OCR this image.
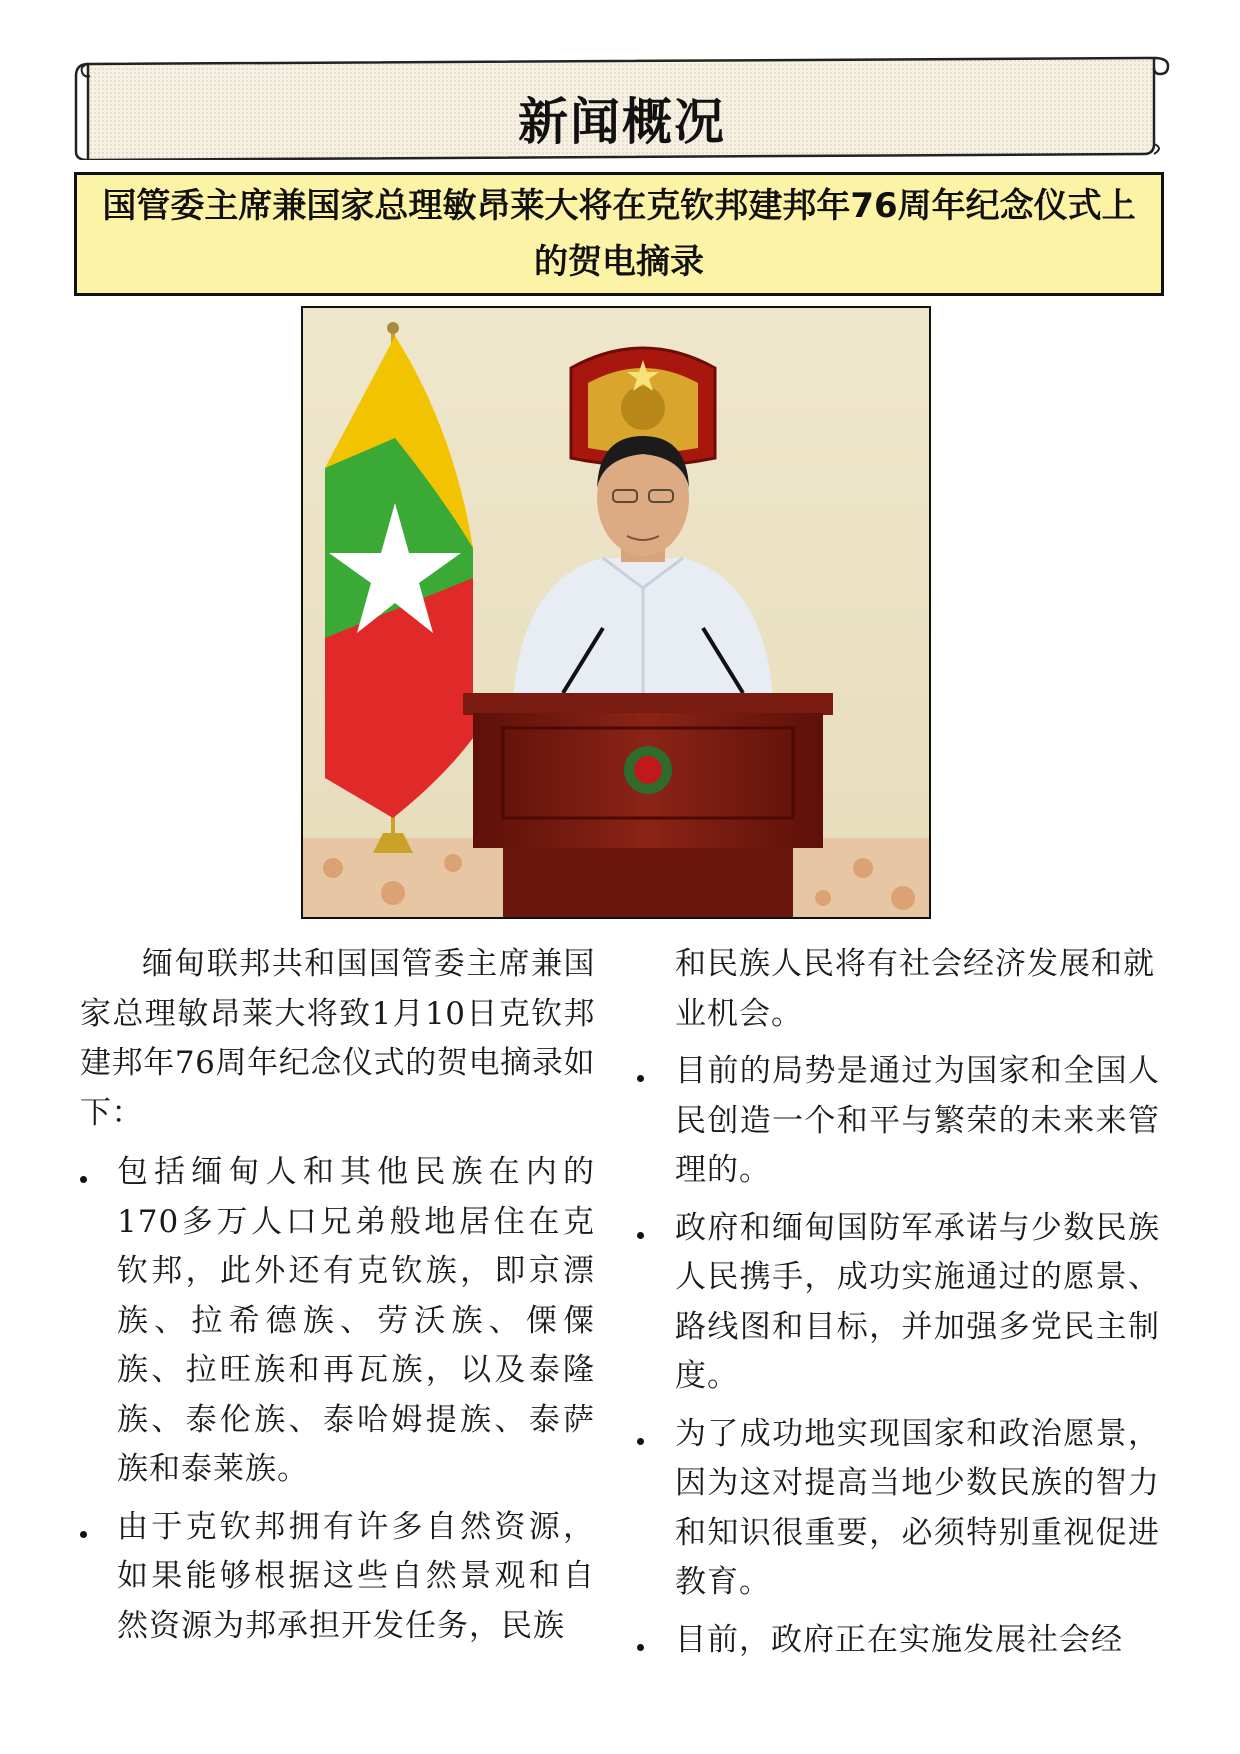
新闻概况
国管委主席兼国家总理敏昂莱大将在克钦邦建邦年76周年纪念仪式上的贺电摘录

缅甸联邦共和国国管委主席兼国家总理敏昂莱大将致1月10日克钦邦建邦年76周年纪念仪式的贺电摘录如下：

包括缅甸人和其他民族在内的170多万人口兄弟般地居住在克钦邦，此外还有克钦族，即京漂族、拉希德族、劳沃族、傈僳族、拉旺族和再瓦族，以及泰隆族、泰伦族、泰哈姆提族、泰萨族和泰莱族。
由于克钦邦拥有许多自然资源，如果能够根据这些自然景观和自然资源为邦承担开发任务，民族

和民族人民将有社会经济发展和就业机会。

目前的局势是通过为国家和全国人民创造一个和平与繁荣的未来来管理的。
政府和缅甸国防军承诺与少数民族人民携手，成功实施通过的愿景、路线图和目标，并加强多党民主制度。
为了成功地实现国家和政治愿景，因为这对提高当地少数民族的智力和知识很重要，必须特别重视促进教育。
目前，政府正在实施发展社会经
